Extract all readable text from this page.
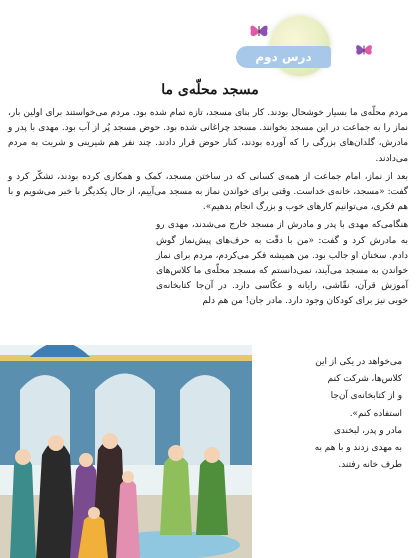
درس دوم
مسجد محلّه‌ی ما

مردم محلّه‌ی ما بسیار خوشحال بودند. کار بنای مسجد، تازه تمام شده بود. مردم می‌خواستند برای اولین بار، نماز را به جماعت در این مسجد بخوانند. مسجد چراغانی شده بود. حوض مسجد پُر از آب بود. مهدی با پدر و مادرش، گلدان‌های بزرگی را که آورده بودند، کنار حوض قرار دادند. چند نفر هم شیرینی و شربت به مردم می‌دادند.

بعد از نماز، امام جماعت از همه‌ی کسانی که در ساختن مسجد، کمک و همکاری کرده بودند، تشکّر کرد و گفت: «مسجد، خانه‌ی خداست. وقتی برای خواندن نماز به مسجد می‌آییم، از حال یکدیگر با خبر می‌شویم و با هم فکری، می‌توانیم کارهای خوب و بزرگ انجام بدهیم».

هنگامی‌که مهدی با پدر و مادرش از مسجد خارج می‌شدند، مهدی رو به مادرش کرد و گفت: «من با دقّت به حرف‌های پیش‌نماز گوش دادم. سخنان او جالب بود. من همیشه فکر می‌کردم، مردم برای نماز خواندن به مسجد می‌آیند، نمی‌دانستم که مسجد محلّه‌ی ما کلاس‌های آموزش قرآن، نقّاشی، رایانه و عکّاسی دارد. در آن‌جا کتابخانه‌ی خوبی نیز برای کودکان وجود دارد. مادر جان! من هم دلم

می‌خواهد در یکی از این

کلاس‌ها، شرکت کنم

و از کتابخانه‌ی آن‌جا

استفاده کنم».

مادر و پدر، لبخندی

به مهدی زدند و با هم به

طرف خانه رفتند.
